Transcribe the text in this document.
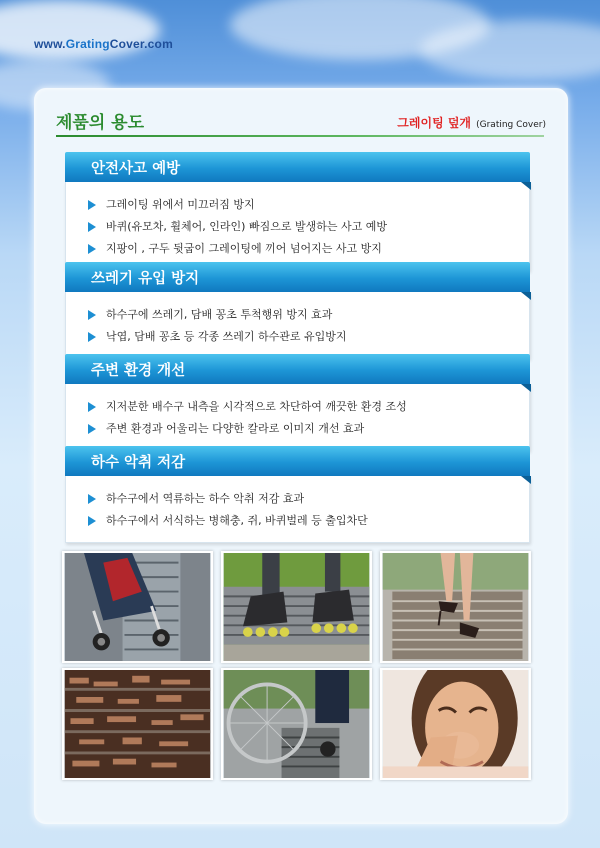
www.GratingCover.com
제품의 용도	그레이팅 덮개 (Grating Cover)
안전사고 예방
그레이팅 위에서 미끄러짐 방지
바퀴(유모차, 휠체어, 인라인) 빠짐으로 발생하는 사고 예방
지팡이 , 구두 뒷굽이 그레이팅에 끼어 넘어지는 사고 방지
쓰레기 유입 방지
하수구에 쓰레기, 담배 꽁초 투척행위 방지 효과
낙엽, 담배 꽁초 등 각종 쓰레기 하수관로 유입방지
주변 환경 개선
지저분한 배수구 내측을 시각적으로 차단하여 깨끗한 환경 조성
주변 환경과 어울리는 다양한 칼라로 이미지 개선 효과
하수 악취 저감
하수구에서 역류하는 하수 악취 저감 효과
하수구에서 서식하는 병해충, 쥐, 바퀴벌레 등 출입차단
